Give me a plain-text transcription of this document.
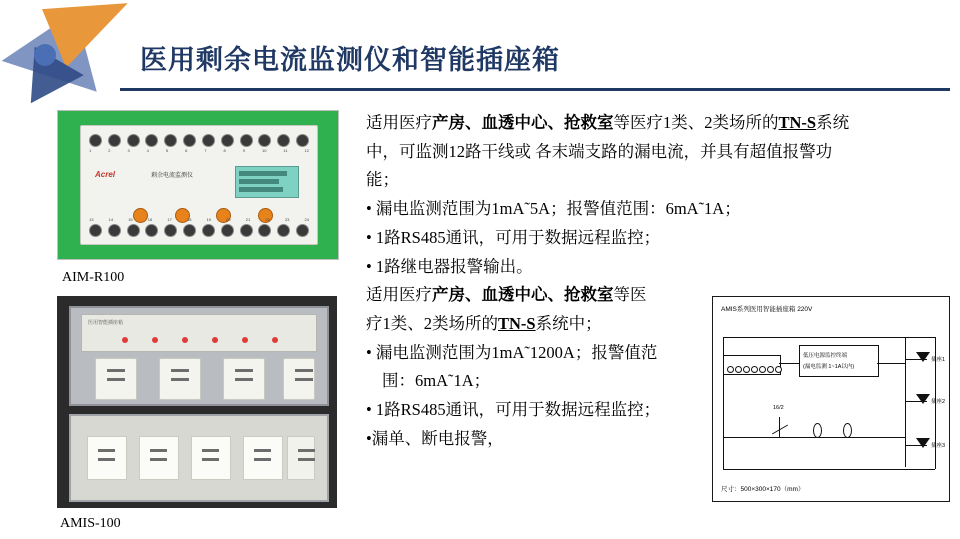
医用剩余电流监测仪和智能插座箱
1	2	3	4	5	6	7	8	9	10	11	12
Acrel	剩余电流监测仪
13	14	15	16	17	18	19	20	21	22	23	24
AIM-R100
医用智能插座箱
AMIS-100

适用医疗产房、血透中心、抢救室等医疗1类、2类场所的TN-S系统

中，可监测12路干线或 各末端支路的漏电流，并具有超值报警功

能；

• 漏电监测范围为1mA˜5A；报警值范围：6mA˜1A；

• 1路RS485通讯，可用于数据远程监控；

• 1路继电器报警输出。

适用医疗产房、血透中心、抢救室等医

疗1类、2类场所的TN-S系统中；

• 漏电监测范围为1mA˜1200A；报警值范

围：6mA˜1A；

• 1路RS485通讯，可用于数据远程监控；

•漏单、断电报警，

AMIS系列医用智能插座箱 220V
低压电源监控终端
(漏电监测 1~1A以内)
16/2
插座1
插座2
插座3
尺寸：500×300×170（mm）
